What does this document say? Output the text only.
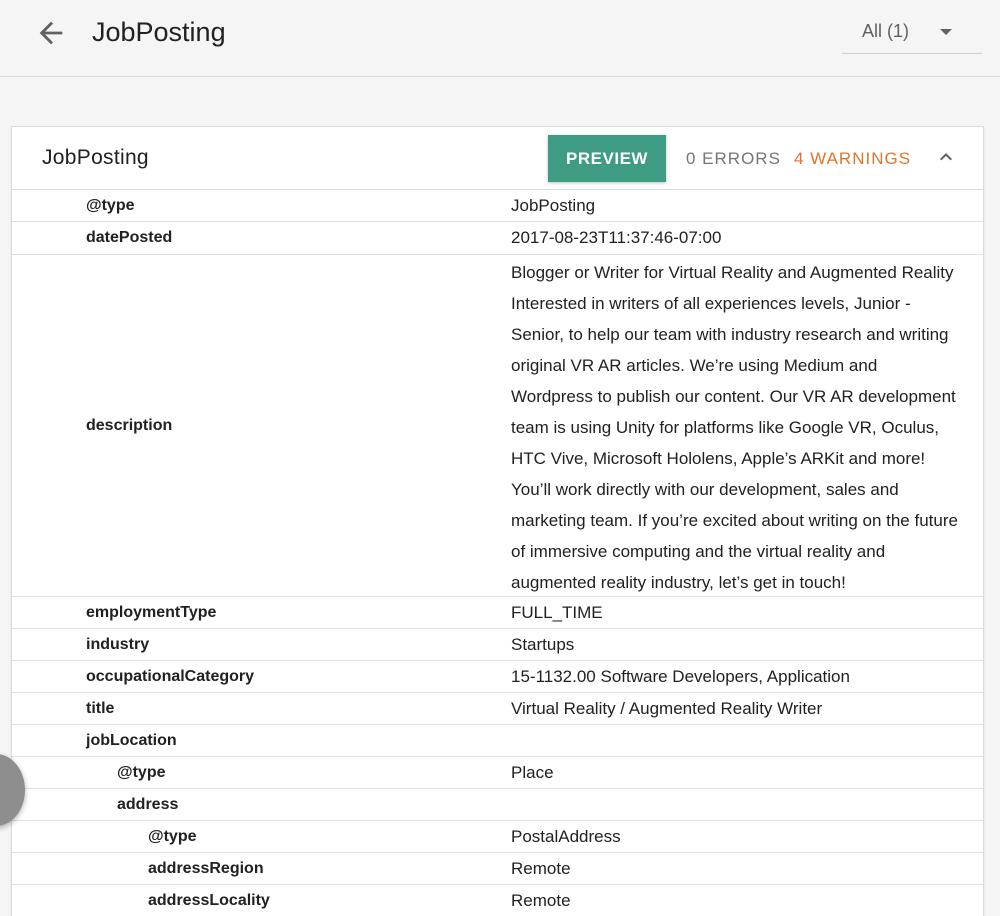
JobPosting	All (1)
JobPosting	PREVIEW	0 ERRORS 4 WARNINGS
@type	JobPosting
datePosted	2017-08-23T11:37:46-07:00
description
Blogger or Writer for Virtual Reality and Augmented Reality Interested in writers of all experiences levels, Junior - Senior, to help our team with industry research and writing original VR AR articles. We’re using Medium and Wordpress to publish our content. Our VR AR development team is using Unity for platforms like Google VR, Oculus, HTC Vive, Microsoft Hololens, Apple’s ARKit and more! You’ll work directly with our development, sales and marketing team. If you’re excited about writing on the future of immersive computing and the virtual reality and augmented reality industry, let’s get in touch!
employmentType	FULL_TIME
industry	Startups
occupationalCategory	15-1132.00 Software Developers, Application
title	Virtual Reality / Augmented Reality Writer
jobLocation
@type	Place
address
@type	PostalAddress
addressRegion	Remote
addressLocality	Remote
